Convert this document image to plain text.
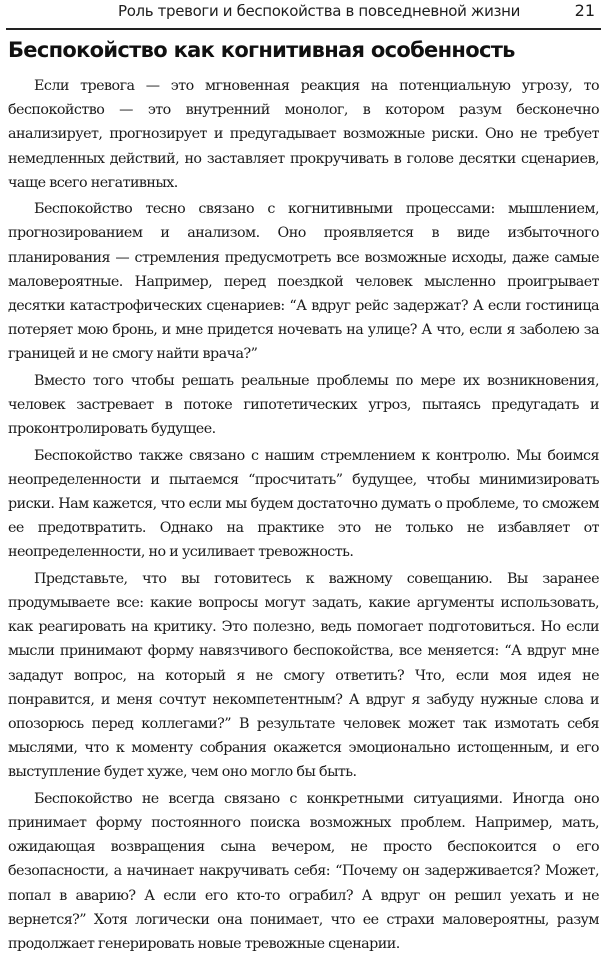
Роль тревоги и беспокойства в повседневной жизни	21
Беспокойство как когнитивная особенность

Если тревога — это мгновенная реакция на потенциальную угрозу, то беспокойство — это внутренний монолог, в котором разум бесконечно анализирует, прогнозирует и предугадывает возможные риски. Оно не требует немедленных действий, но заставляет прокручивать в голове десятки сценариев, чаще всего негативных.

Беспокойство тесно связано с когнитивными процессами: мышлением, прогнозированием и анализом. Оно проявляется в виде избыточного планирования — стремления предусмотреть все возможные исходы, даже самые маловероятные. Например, перед поездкой человек мысленно проигрывает десятки катастрофических сценариев: “А вдруг рейс задержат? А если гостиница потеряет мою бронь, и мне придется ночевать на улице? А что, если я заболею за границей и не смогу найти врача?”

Вместо того чтобы решать реальные проблемы по мере их возникновения, человек застревает в потоке гипотетических угроз, пытаясь предугадать и проконтролировать будущее.

Беспокойство также связано с нашим стремлением к контролю. Мы боимся неопределенности и пытаемся “просчитать” будущее, чтобы минимизировать риски. Нам кажется, что если мы будем достаточно думать о проблеме, то сможем ее предотвратить. Однако на практике это не только не избавляет от неопределенности, но и усиливает тревожность.

Представьте, что вы готовитесь к важному совещанию. Вы заранее продумываете все: какие вопросы могут задать, какие аргументы использовать, как реагировать на критику. Это полезно, ведь помогает подготовиться. Но если мысли принимают форму навязчивого беспокойства, все меняется: “А вдруг мне зададут вопрос, на который я не смогу ответить? Что, если моя идея не понравится, и меня сочтут некомпетентным? А вдруг я забуду нужные слова и опозорюсь перед коллегами?” В результате человек может так измотать себя мыслями, что к моменту собрания окажется эмоционально истощенным, и его выступление будет хуже, чем оно могло бы быть.

Беспокойство не всегда связано с конкретными ситуациями. Иногда оно принимает форму постоянного поиска возможных проблем. Например, мать, ожидающая возвращения сына вечером, не просто беспокоится о его безопасности, а начинает накручивать себя: “Почему он задерживается? Может, попал в аварию? А если его кто-то ограбил? А вдруг он решил уехать и не вернется?” Хотя логически она понимает, что ее страхи маловероятны, разум продолжает генерировать новые тревожные сценарии.
